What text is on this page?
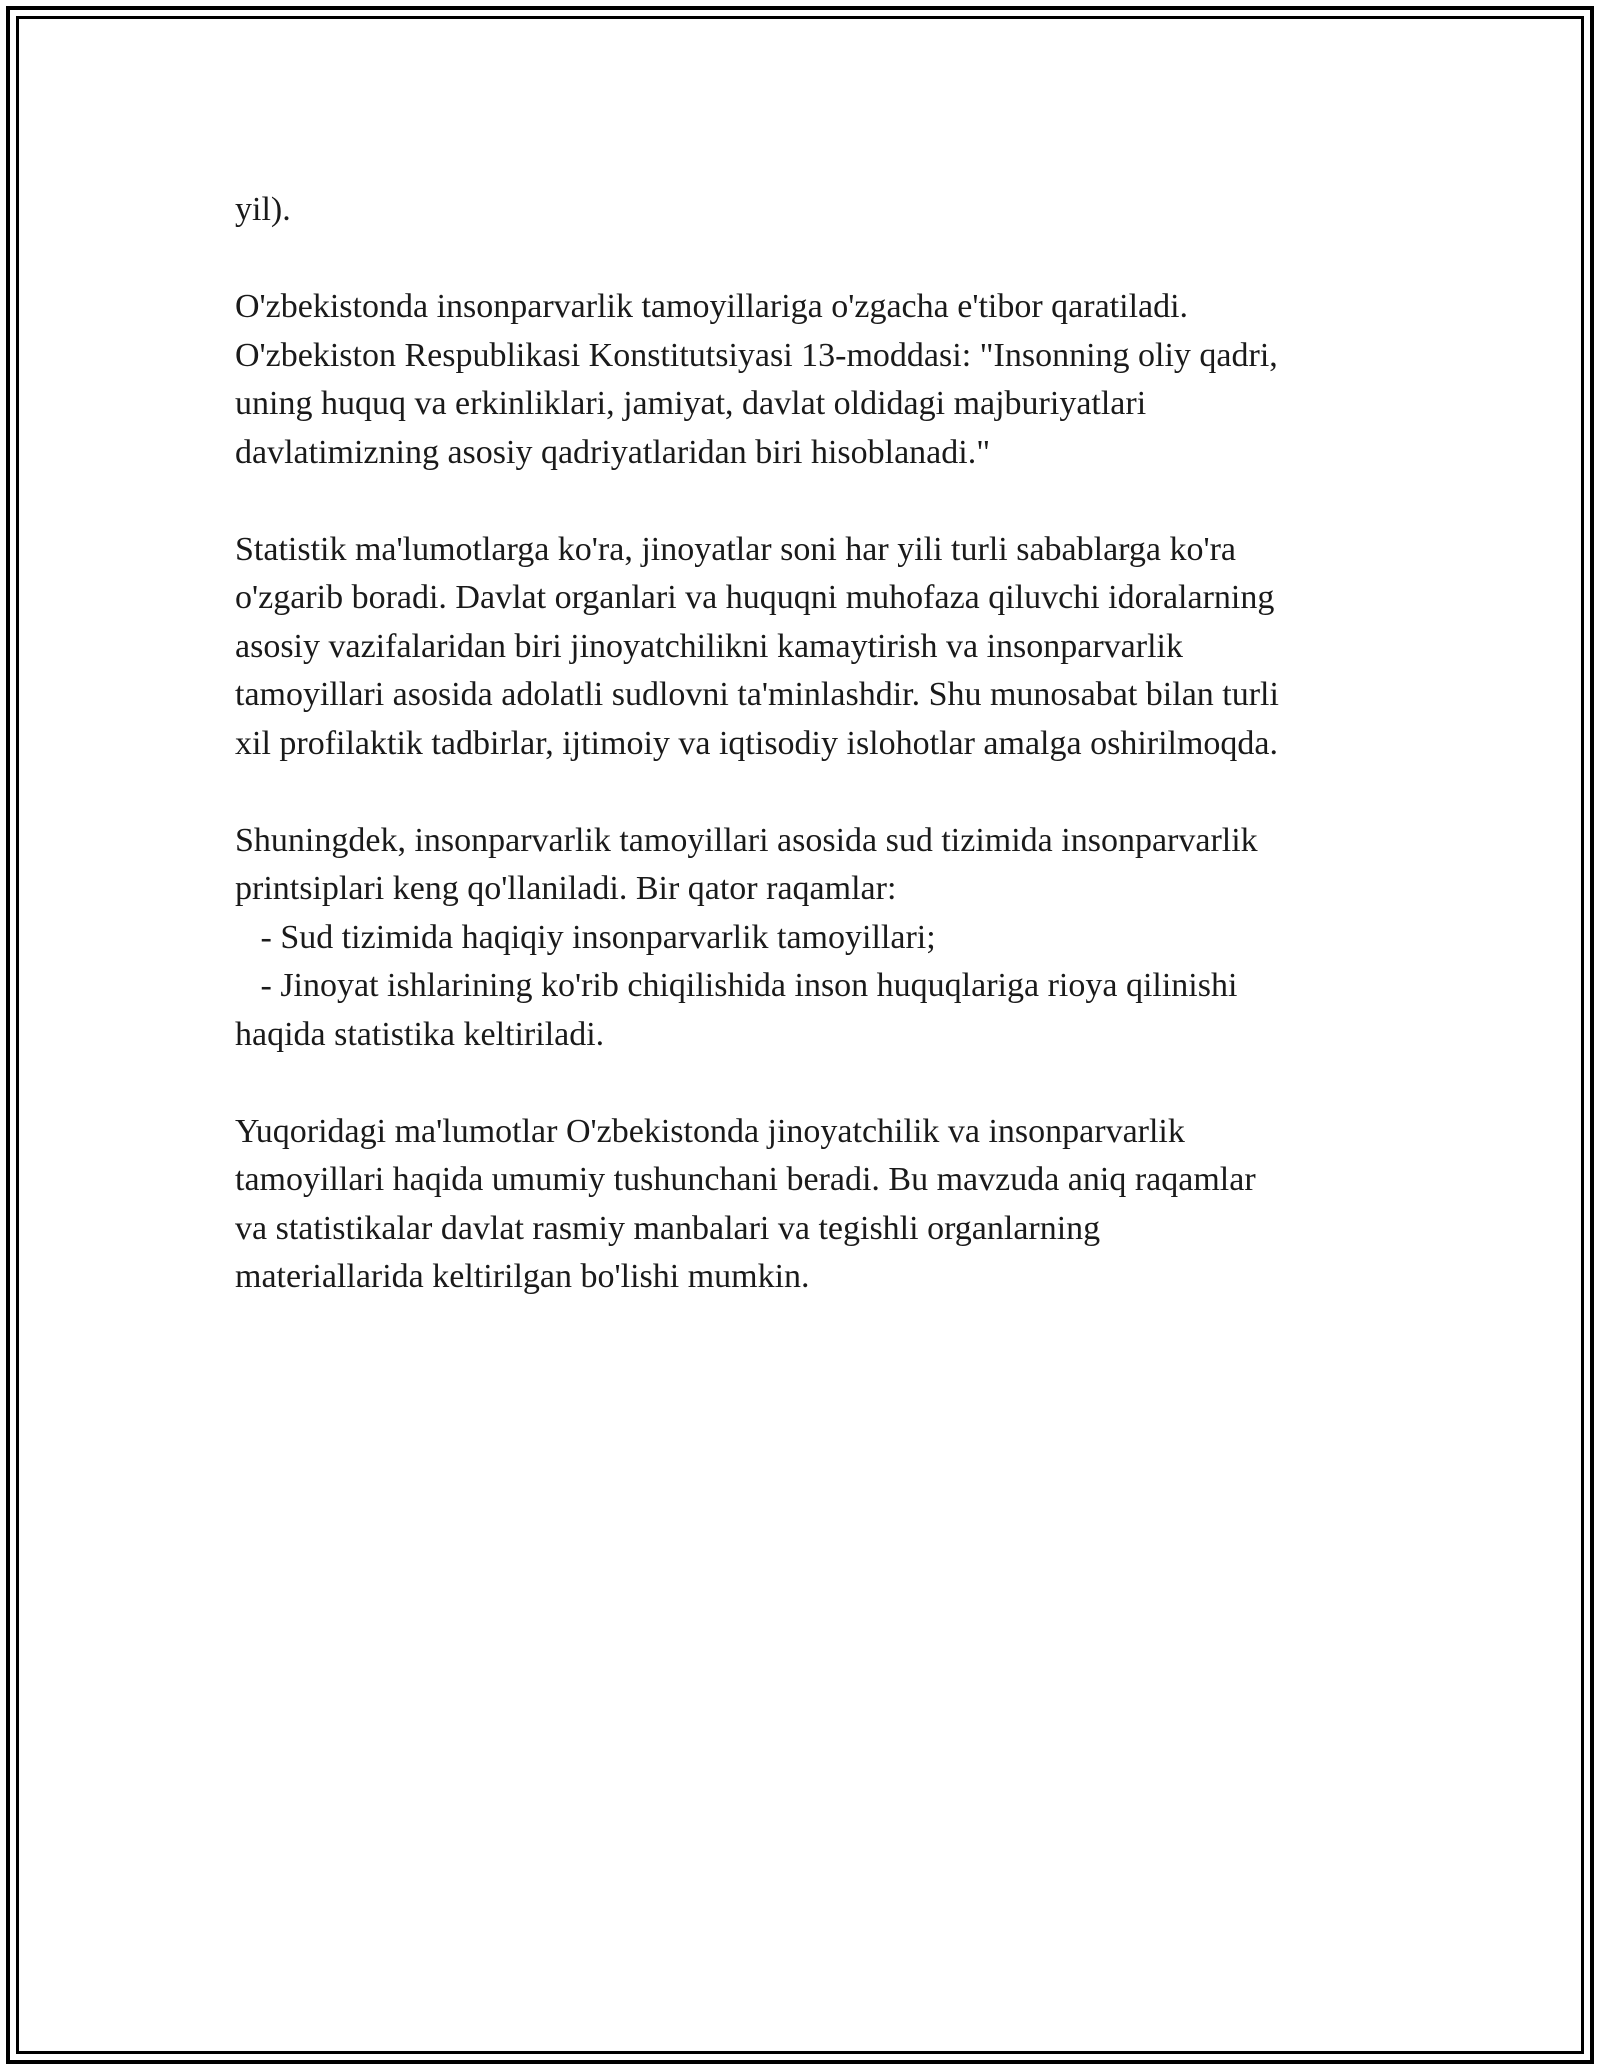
yil).

O'zbekistonda insonparvarlik tamoyillariga o'zgacha e'tibor qaratiladi.
O'zbekiston Respublikasi Konstitutsiyasi 13-moddasi: "Insonning oliy qadri,
uning huquq va erkinliklari, jamiyat, davlat oldidagi majburiyatlari
davlatimizning asosiy qadriyatlaridan biri hisoblanadi."

Statistik ma'lumotlarga ko'ra, jinoyatlar soni har yili turli sabablarga ko'ra
o'zgarib boradi. Davlat organlari va huquqni muhofaza qiluvchi idoralarning
asosiy vazifalaridan biri jinoyatchilikni kamaytirish va insonparvarlik
tamoyillari asosida adolatli sudlovni ta'minlashdir. Shu munosabat bilan turli
xil profilaktik tadbirlar, ijtimoiy va iqtisodiy islohotlar amalga oshirilmoqda.

Shuningdek, insonparvarlik tamoyillari asosida sud tizimida insonparvarlik
printsiplari keng qo'llaniladi. Bir qator raqamlar:
- Sud tizimida haqiqiy insonparvarlik tamoyillari;
- Jinoyat ishlarining ko'rib chiqilishida inson huquqlariga rioya qilinishi
haqida statistika keltiriladi.

Yuqoridagi ma'lumotlar O'zbekistonda jinoyatchilik va insonparvarlik
tamoyillari haqida umumiy tushunchani beradi. Bu mavzuda aniq raqamlar
va statistikalar davlat rasmiy manbalari va tegishli organlarning
materiallarida keltirilgan bo'lishi mumkin.
